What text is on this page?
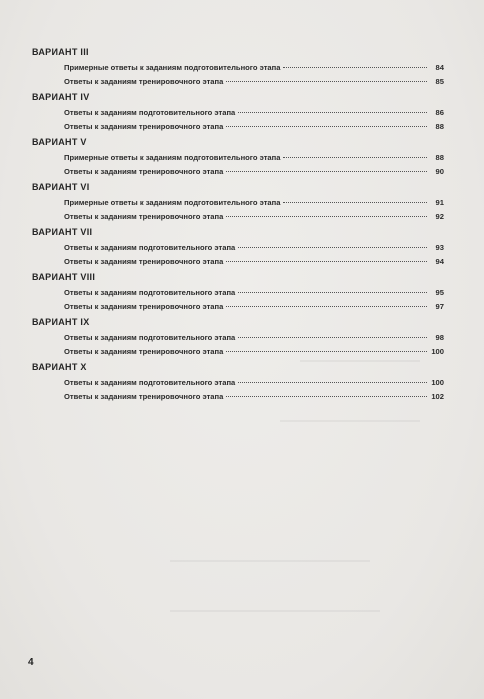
ВАРИАНТ III
Примерные ответы к заданиям подготовительного этапа	84
Ответы к заданиям тренировочного этапа	85
ВАРИАНТ IV
Ответы к заданиям подготовительного этапа	86
Ответы к заданиям тренировочного этапа	88
ВАРИАНТ V
Примерные ответы к заданиям подготовительного этапа	88
Ответы к заданиям тренировочного этапа	90
ВАРИАНТ VI
Примерные ответы к заданиям подготовительного этапа	91
Ответы к заданиям тренировочного этапа	92
ВАРИАНТ VII
Ответы к заданиям подготовительного этапа	93
Ответы к заданиям тренировочного этапа	94
ВАРИАНТ VIII
Ответы к заданиям подготовительного этапа	95
Ответы к заданиям тренировочного этапа	97
ВАРИАНТ IX
Ответы к заданиям подготовительного этапа	98
Ответы к заданиям тренировочного этапа	100
ВАРИАНТ X
Ответы к заданиям подготовительного этапа	100
Ответы к заданиям тренировочного этапа	102
4
